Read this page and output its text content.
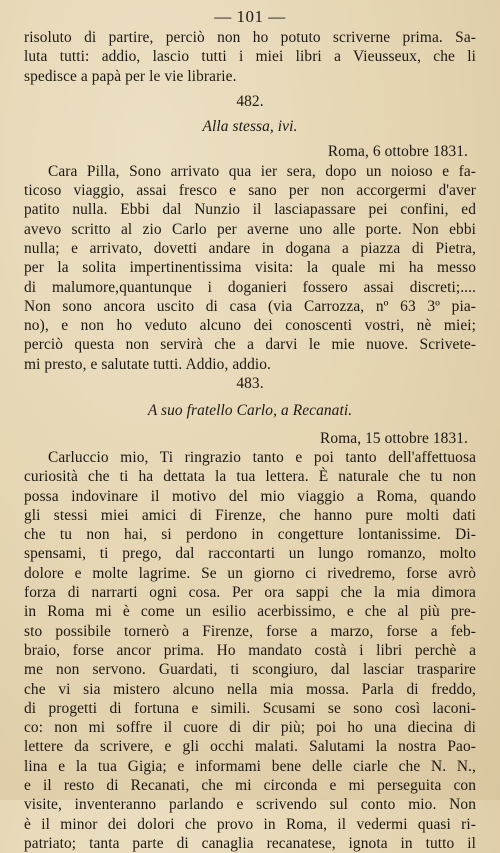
— 101 —
risoluto di partire, perciò non ho potuto scriverne prima. Sa-
luta tutti: addio, lascio tutti i miei libri a Vieusseux, che li
spedisce a papà per le vie librarie.
482.
Alla stessa, ivi.
Roma, 6 ottobre 1831.
Cara Pilla, Sono arrivato qua ier sera, dopo un noioso e fa-
ticoso viaggio, assai fresco e sano per non accorgermi d'aver
patito nulla. Ebbi dal Nunzio il lasciapassare pei confini, ed
avevo scritto al zio Carlo per averne uno alle porte. Non ebbi
nulla; e arrivato, dovetti andare in dogana a piazza di Pietra,
per la solita impertinentissima visita: la quale mi ha messo
di malumore,quantunque i doganieri fossero assai discreti;....
Non sono ancora uscito di casa (via Carrozza, nº 63 3º pia-
no), e non ho veduto alcuno dei conoscenti vostri, nè miei;
perciò questa non servirà che a darvi le mie nuove. Scrivete-
mi presto, e salutate tutti. Addio, addio.
483.
A suo fratello Carlo, a Recanati.
Roma, 15 ottobre 1831.
Carluccio mio, Ti ringrazio tanto e poi tanto dell'affettuosa
curiosità che ti ha dettata la tua lettera. È naturale che tu non
possa indovinare il motivo del mio viaggio a Roma, quando
gli stessi miei amici di Firenze, che hanno pure molti dati
che tu non hai, si perdono in congetture lontanissime. Di-
spensami, ti prego, dal raccontarti un lungo romanzo, molto
dolore e molte lagrime. Se un giorno ci rivedremo, forse avrò
forza di narrarti ogni cosa. Per ora sappi che la mia dimora
in Roma mi è come un esilio acerbissimo, e che al più pre-
sto possibile tornerò a Firenze, forse a marzo, forse a feb-
braio, forse ancor prima. Ho mandato costà i libri perchè a
me non servono. Guardati, ti scongiuro, dal lasciar trasparire
che vi sia mistero alcuno nella mia mossa. Parla di freddo,
di progetti di fortuna e simili. Scusami se sono così laconi-
co: non mi soffre il cuore di dir più; poi ho una diecina di
lettere da scrivere, e gli occhi malati. Salutami la nostra Pao-
lina e la tua Gigia; e informami bene delle ciarle che N. N.,
e il resto di Recanati, che mi circonda e mi perseguita con
visite, inventeranno parlando e scrivendo sul conto mio. Non
è il minor dei dolori che provo in Roma, il vedermi quasi ri-
patriato; tanta parte di canaglia recanatese, ignota in tutto il
